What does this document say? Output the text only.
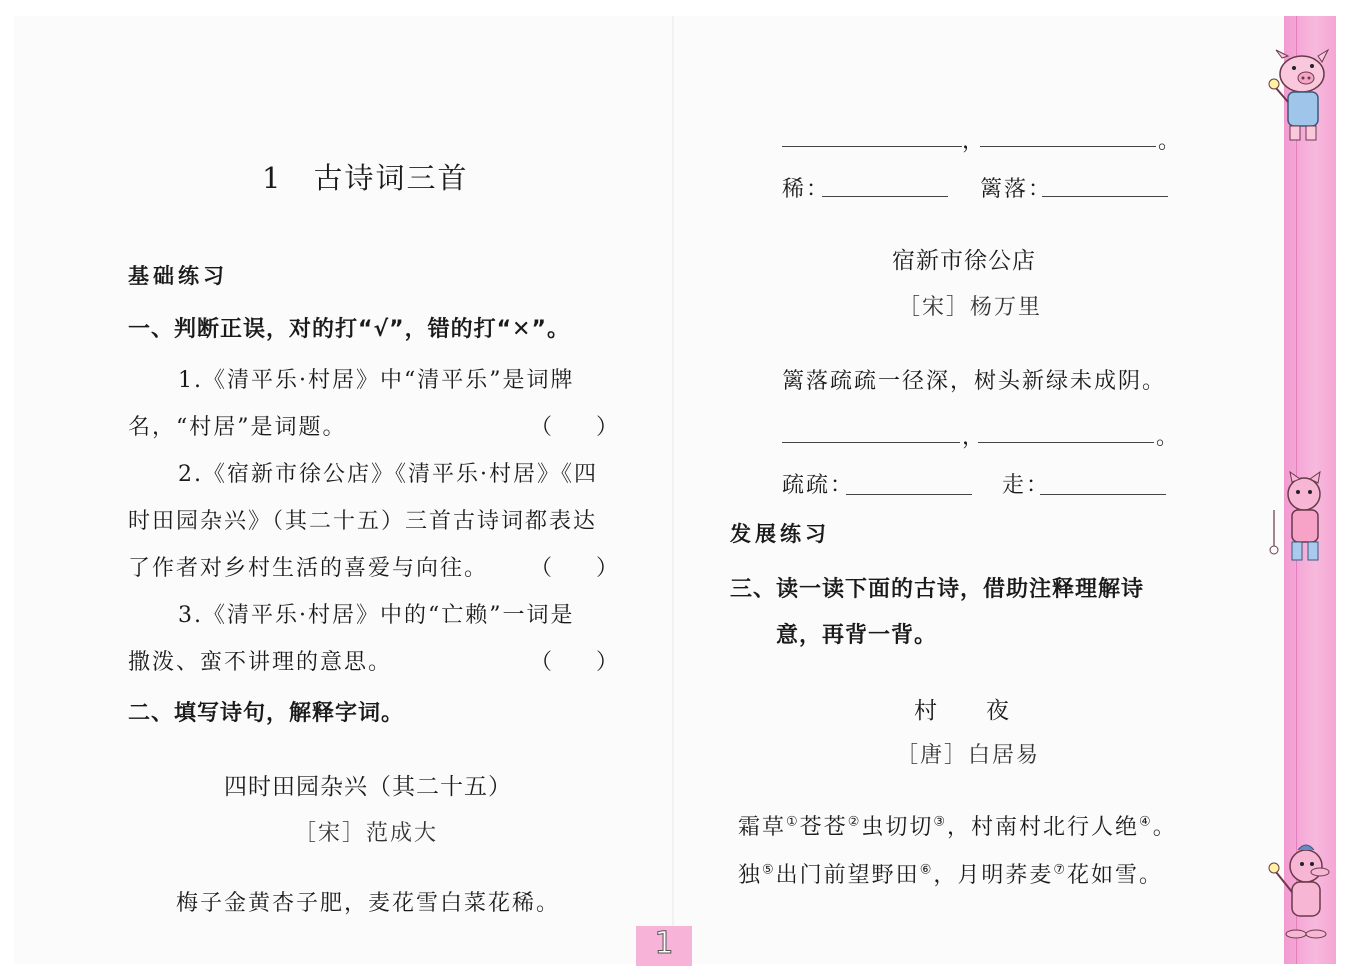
1　古诗词三首
基础练习
一、判断正误，对的打“√”，错的打“✕”。
1.《清平乐·村居》中“清平乐”是词牌
名，“村居”是词题。	（　　）
2.《宿新市徐公店》《清平乐·村居》《四
时田园杂兴》（其二十五）三首古诗词都表达
了作者对乡村生活的喜爱与向往。 （　　）
3.《清平乐·村居》中的“亡赖”一词是
撒泼、蛮不讲理的意思。	（　　）
二、填写诗句，解释字词。
四时田园杂兴（其二十五）
［宋］范成大
梅子金黄杏子肥，麦花雪白菜花稀。
1
，	。
稀：	篱落：
宿新市徐公店
［宋］杨万里
篱落疏疏一径深，树头新绿未成阴。
，	。
疏疏：	走：
发展练习
三、读一读下面的古诗，借助注释理解诗
意，再背一背。
村　　夜
［唐］白居易
霜草①苍苍②虫切切③，村南村北行人绝④。
独⑤出门前望野田⑥，月明荞麦⑦花如雪。
